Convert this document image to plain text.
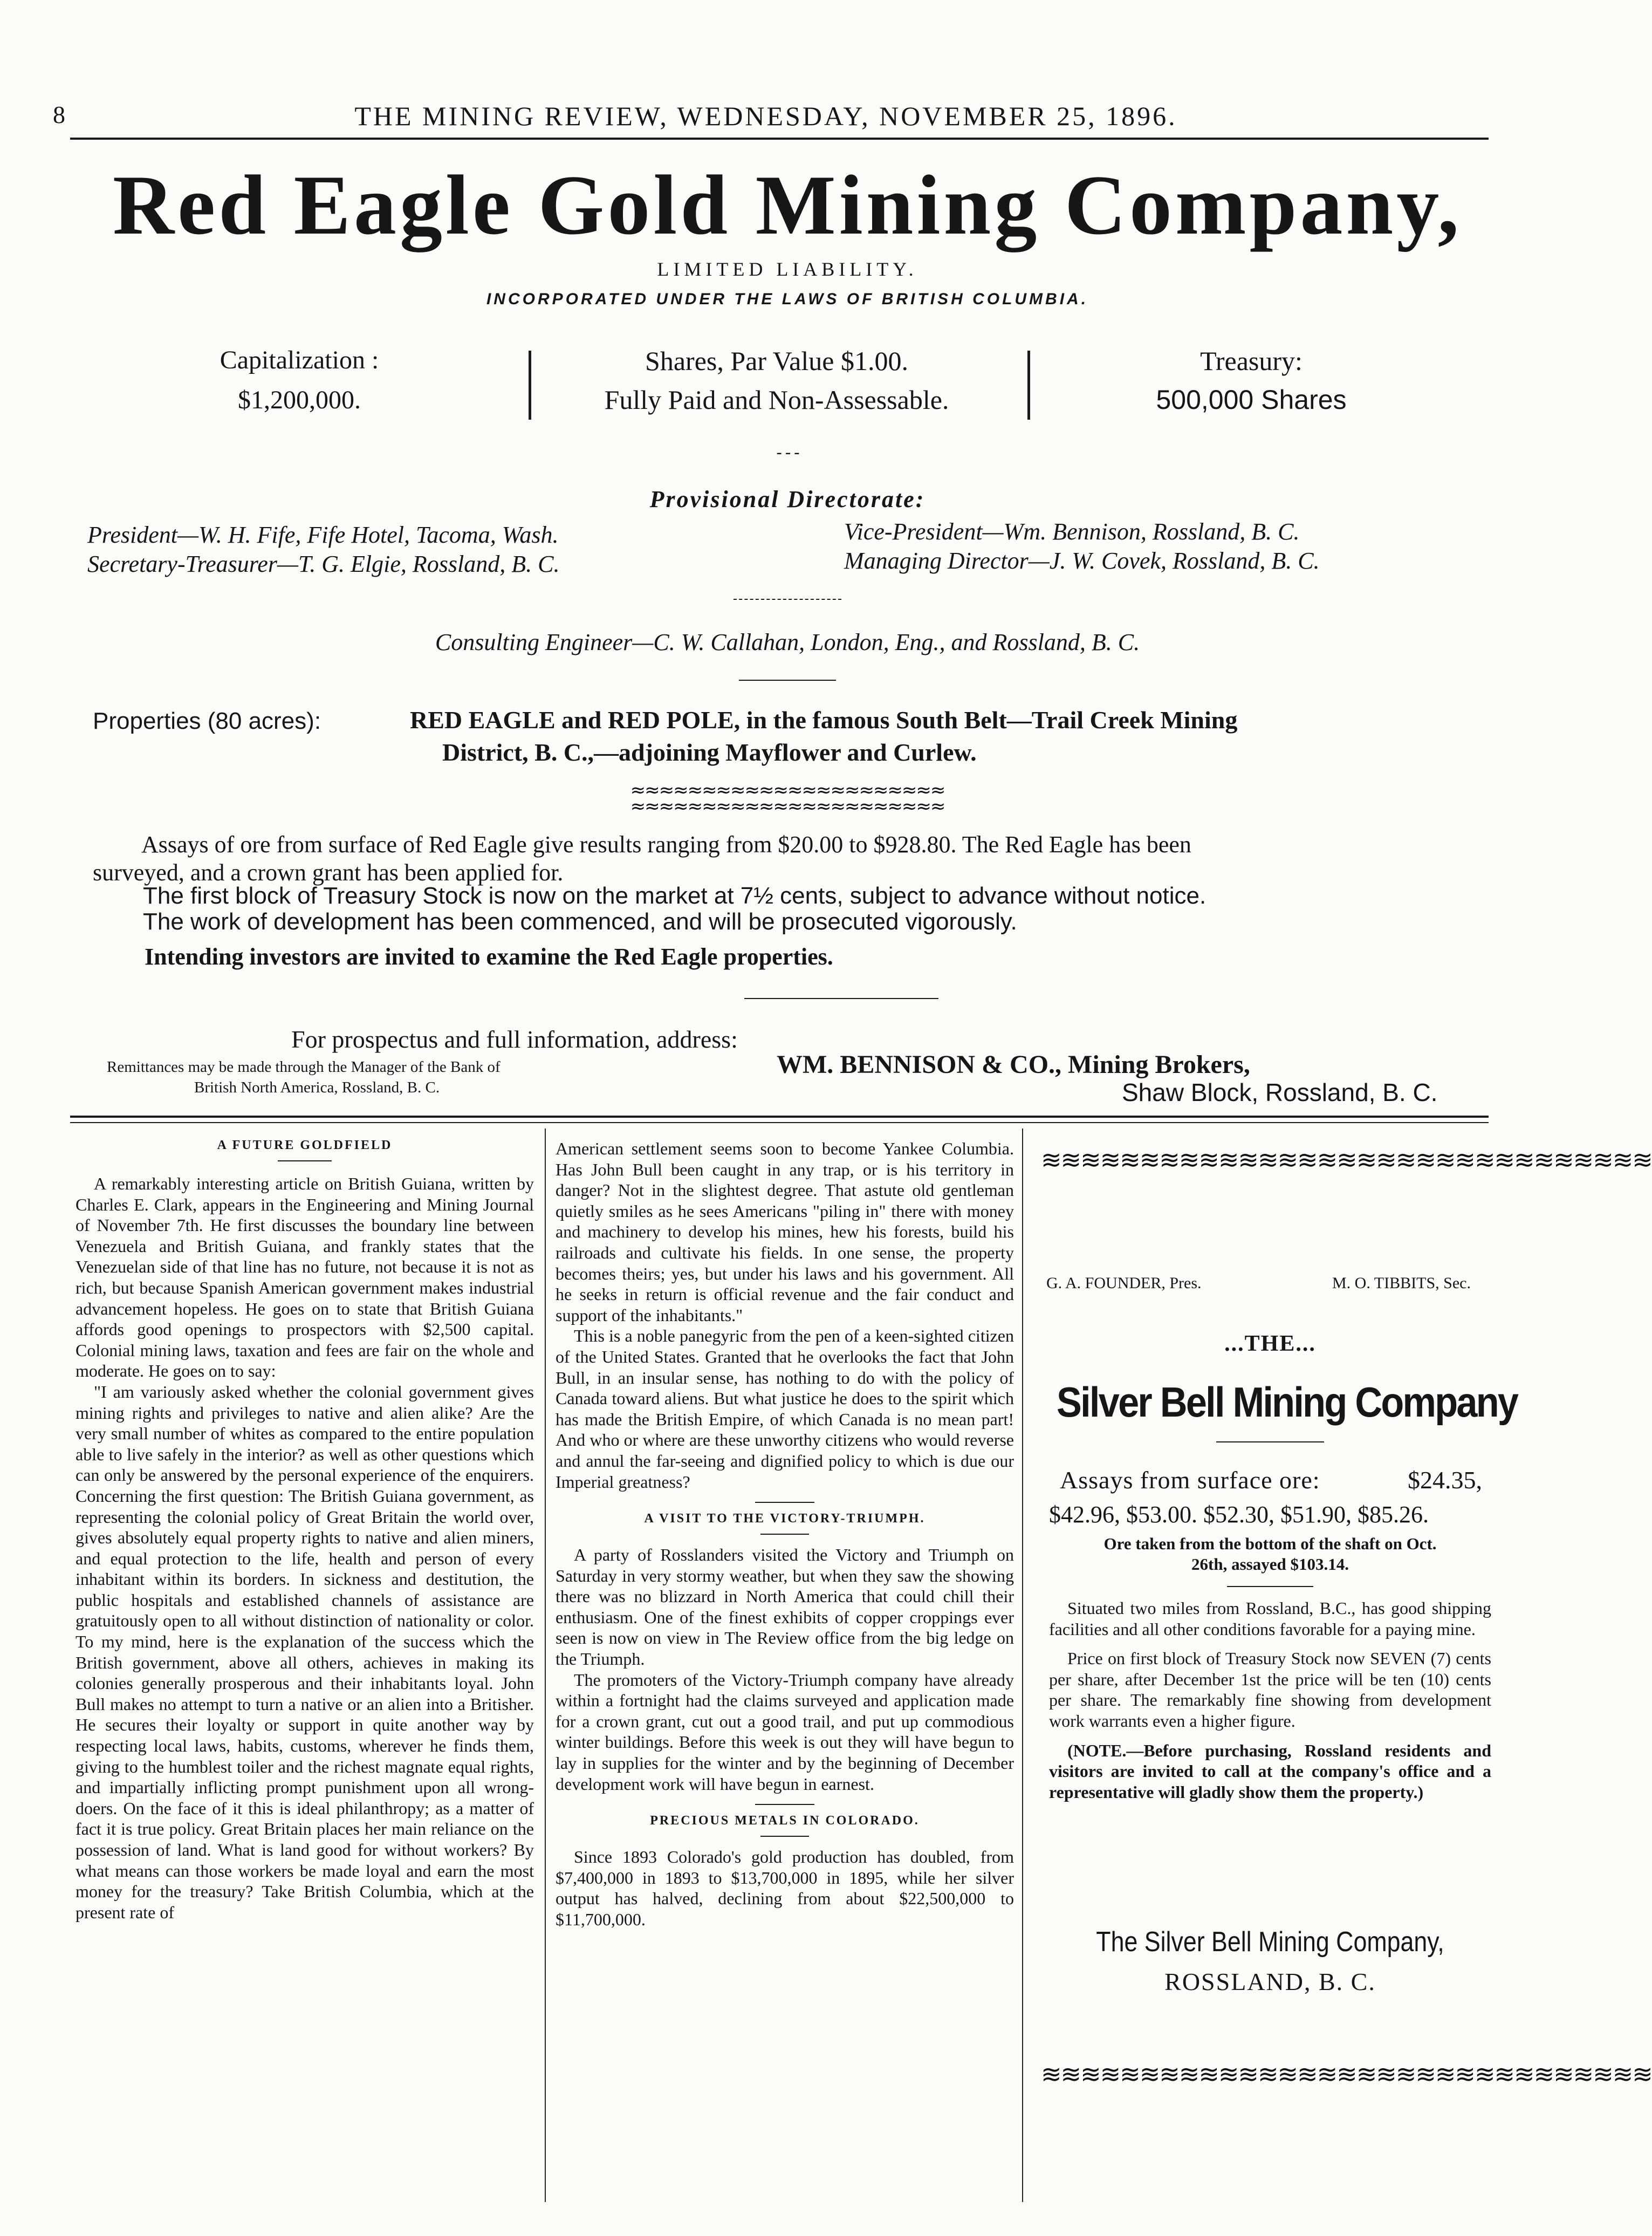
8	THE MINING REVIEW, WEDNESDAY, NOVEMBER 25, 1896.
Red Eagle Gold Mining Company,
LIMITED LIABILITY.
INCORPORATED UNDER THE LAWS OF BRITISH COLUMBIA.
Capitalization :
$1,200,000.
Shares, Par Value $1.00.
Fully Paid and Non-Assessable.
Treasury:
500,000 Shares
- - -
Provisional Directorate:
President—W. H. Fife, Fife Hotel, Tacoma, Wash.
Secretary-Treasurer—T. G. Elgie, Rossland, B. C.
Vice-President—Wm. Bennison, Rossland, B. C.
Managing Director—J. W. Covek, Rossland, B. C.
Consulting Engineer—C. W. Callahan, London, Eng., and Rossland, B. C.
Properties (80 acres):	RED EAGLE and RED POLE, in the famous South Belt—Trail Creek Mining
District, B. C.,—adjoining Mayflower and Curlew.
≈≈≈≈≈≈≈≈≈≈≈≈≈≈≈≈≈≈≈≈≈≈
≈≈≈≈≈≈≈≈≈≈≈≈≈≈≈≈≈≈≈≈≈≈
Assays of ore from surface of Red Eagle give results ranging from $20.00 to $928.80. The Red Eagle has been
surveyed, and a crown grant has been applied for.
The first block of Treasury Stock is now on the market at 7½ cents, subject to advance without notice.
The work of development has been commenced, and will be prosecuted vigorously.
Intending investors are invited to examine the Red Eagle properties.
For prospectus and full information, address:
Remittances may be made through the Manager of the Bank of
British North America, Rossland, B. C.
WM. BENNISON & CO., Mining Brokers,
Shaw Block, Rossland, B. C.
A FUTURE GOLDFIELD

A remarkably interesting article on British Guiana, written by Charles E. Clark, appears in the Engineering and Mining Journal of November 7th. He first discusses the boundary line between Venezuela and British Guiana, and frankly states that the Venezuelan side of that line has no future, not because it is not as rich, but because Spanish American government makes industrial advancement hopeless. He goes on to state that British Guiana affords good openings to prospectors with $2,500 capital. Colonial mining laws, taxation and fees are fair on the whole and moderate. He goes on to say:

"I am variously asked whether the colonial government gives mining rights and privileges to native and alien alike? Are the very small number of whites as compared to the entire population able to live safely in the interior? as well as other questions which can only be answered by the personal experience of the enquirers. Concerning the first question: The British Guiana government, as representing the colonial policy of Great Britain the world over, gives absolutely equal property rights to native and alien miners, and equal protection to the life, health and person of every inhabitant within its borders. In sickness and destitution, the public hospitals and established channels of assistance are gratuitously open to all without distinction of nationality or color. To my mind, here is the explanation of the success which the British government, above all others, achieves in making its colonies generally prosperous and their inhabitants loyal. John Bull makes no attempt to turn a native or an alien into a Britisher. He secures their loyalty or support in quite another way by respecting local laws, habits, customs, wherever he finds them, giving to the humblest toiler and the richest magnate equal rights, and impartially inflicting prompt punishment upon all wrong-doers. On the face of it this is ideal philanthropy; as a matter of fact it is true policy. Great Britain places her main reliance on the possession of land. What is land good for without workers? By what means can those workers be made loyal and earn the most money for the treasury? Take British Columbia, which at the present rate of

American settlement seems soon to become Yankee Columbia. Has John Bull been caught in any trap, or is his territory in danger? Not in the slightest degree. That astute old gentleman quietly smiles as he sees Americans "piling in" there with money and machinery to develop his mines, hew his forests, build his railroads and cultivate his fields. In one sense, the property becomes theirs; yes, but under his laws and his government. All he seeks in return is official revenue and the fair conduct and support of the inhabitants."

This is a noble panegyric from the pen of a keen-sighted citizen of the United States. Granted that he overlooks the fact that John Bull, in an insular sense, has nothing to do with the policy of Canada toward aliens. But what justice he does to the spirit which has made the British Empire, of which Canada is no mean part! And who or where are these unworthy citizens who would reverse and annul the far-seeing and dignified policy to which is due our Imperial greatness?

A VISIT TO THE VICTORY-TRIUMPH.

A party of Rosslanders visited the Victory and Triumph on Saturday in very stormy weather, but when they saw the showing there was no blizzard in North America that could chill their enthusiasm. One of the finest exhibits of copper croppings ever seen is now on view in The Review office from the big ledge on the Triumph.

The promoters of the Victory-Triumph company have already within a fortnight had the claims surveyed and application made for a crown grant, cut out a good trail, and put up commodious winter buildings. Before this week is out they will have begun to lay in supplies for the winter and by the beginning of December development work will have begun in earnest.

PRECIOUS METALS IN COLORADO.

Since 1893 Colorado's gold production has doubled, from $7,400,000 in 1893 to $13,700,000 in 1895, while her silver output has halved, declining from about $22,500,000 to $11,700,000.

≋≋≋≋≋≋≋≋≋≋≋≋≋≋≋≋≋≋≋≋≋≋≋≋≋≋≋≋≋≋≋
G. A. FOUNDER, Pres.	M. O. TIBBITS, Sec.
...THE...
Silver Bell Mining Company
Assays from surface ore:	$24.35,
$42.96, $53.00. $52.30, $51.90, $85.26.
Ore taken from the bottom of the shaft on Oct.
26th, assayed $103.14.

Situated two miles from Rossland, B.C., has good shipping facilities and all other conditions favorable for a paying mine.

Price on first block of Treasury Stock now SEVEN (7) cents per share, after December 1st the price will be ten (10) cents per share. The remarkably fine showing from development work warrants even a higher figure.

(NOTE.—Before purchasing, Rossland residents and visitors are invited to call at the company's office and a representative will gladly show them the property.)

The Silver Bell Mining Company,
ROSSLAND, B. C.
≋≋≋≋≋≋≋≋≋≋≋≋≋≋≋≋≋≋≋≋≋≋≋≋≋≋≋≋≋≋≋
